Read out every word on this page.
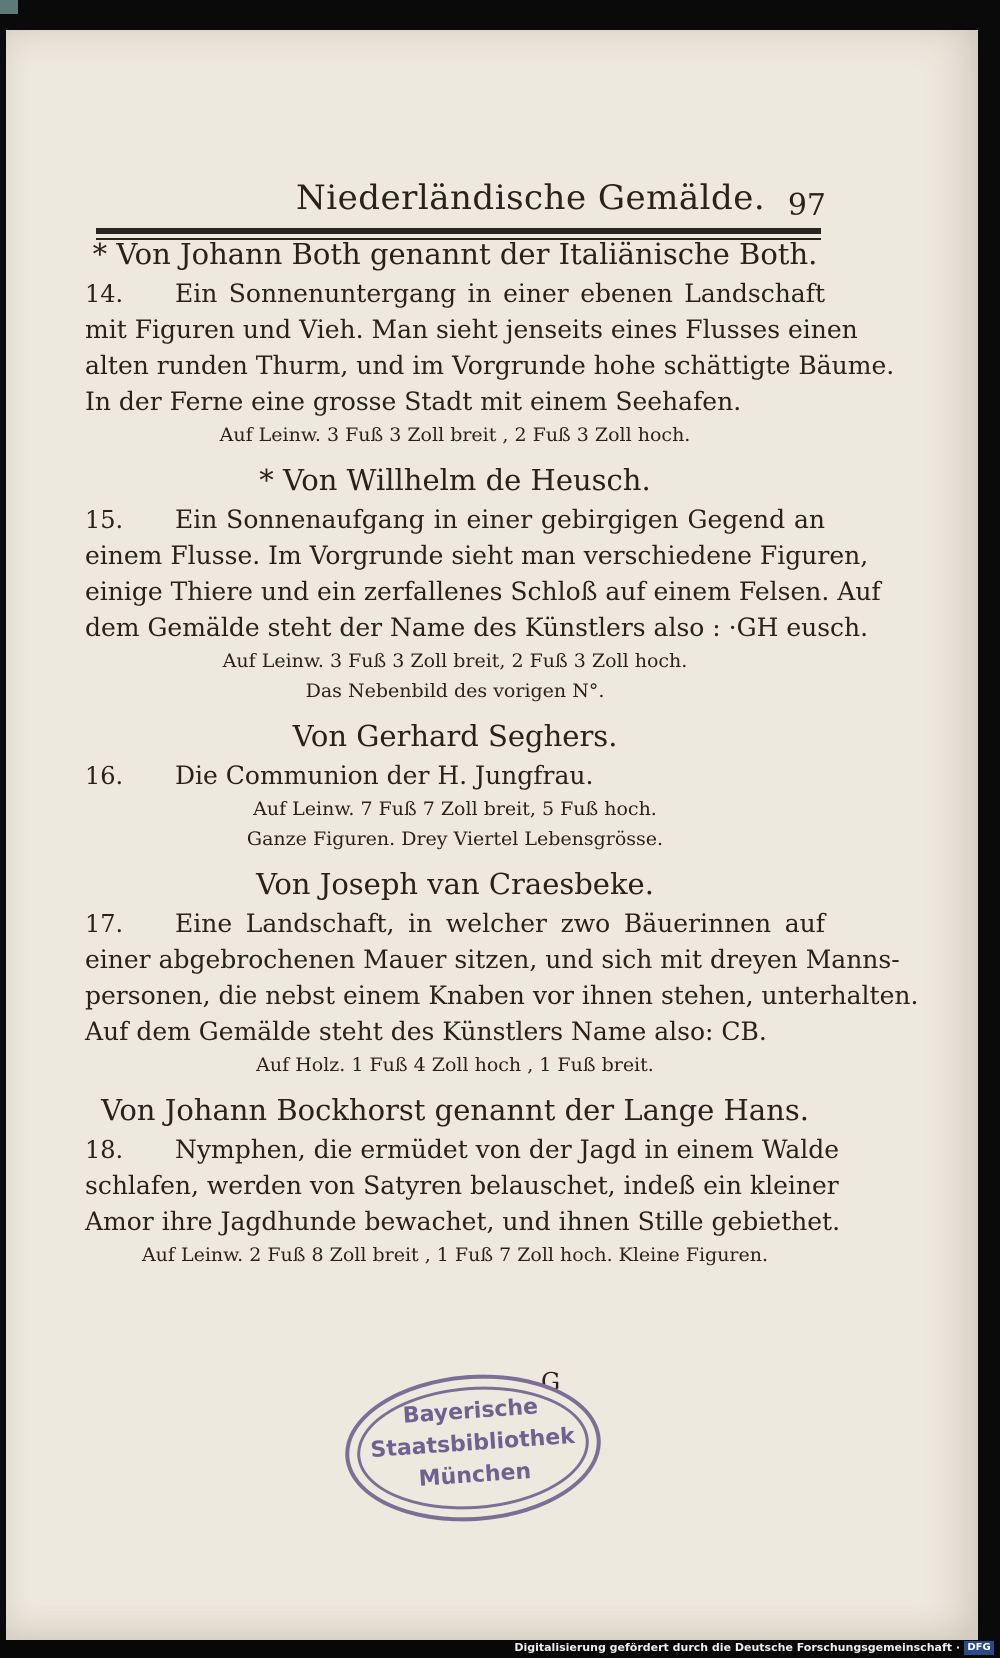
Niederländische Gemälde. 97
* Von Johann Both genannt der Italiänische Both.
14. Ein Sonnenuntergang in einer ebenen Landschaft
mit Figuren und Vieh. Man sieht jenseits eines Flusses einen
alten runden Thurm, und im Vorgrunde hohe schättigte Bäume.
In der Ferne eine grosse Stadt mit einem Seehafen.
Auf Leinw. 3 Fuß 3 Zoll breit , 2 Fuß 3 Zoll hoch.
* Von Willhelm de Heusch.
15. Ein Sonnenaufgang in einer gebirgigen Gegend an
einem Flusse. Im Vorgrunde sieht man verschiedene Figuren,
einige Thiere und ein zerfallenes Schloß auf einem Felsen. Auf
dem Gemälde steht der Name des Künstlers also : ·GH eusch.
Auf Leinw. 3 Fuß 3 Zoll breit, 2 Fuß 3 Zoll hoch.
Das Nebenbild des vorigen N°.
Von Gerhard Seghers.
16. Die Communion der H. Jungfrau.
Auf Leinw. 7 Fuß 7 Zoll breit, 5 Fuß hoch.
Ganze Figuren. Drey Viertel Lebensgrösse.
Von Joseph van Craesbeke.
17. Eine Landschaft, in welcher zwo Bäuerinnen auf
einer abgebrochenen Mauer sitzen, und sich mit dreyen Manns-
personen, die nebst einem Knaben vor ihnen stehen, unterhalten.
Auf dem Gemälde steht des Künstlers Name also: CB.
Auf Holz. 1 Fuß 4 Zoll hoch , 1 Fuß breit.
Von Johann Bockhorst genannt der Lange Hans.
18. Nymphen, die ermüdet von der Jagd in einem Walde
schlafen, werden von Satyren belauschet, indeß ein kleiner
Amor ihre Jagdhunde bewachet, und ihnen Stille gebiethet.
Auf Leinw. 2 Fuß 8 Zoll breit , 1 Fuß 7 Zoll hoch. Kleine Figuren.
G
Bayerische
Staatsbibliothek
München
Digitalisierung gefördert durch die Deutsche Forschungsgemeinschaft · DFG
